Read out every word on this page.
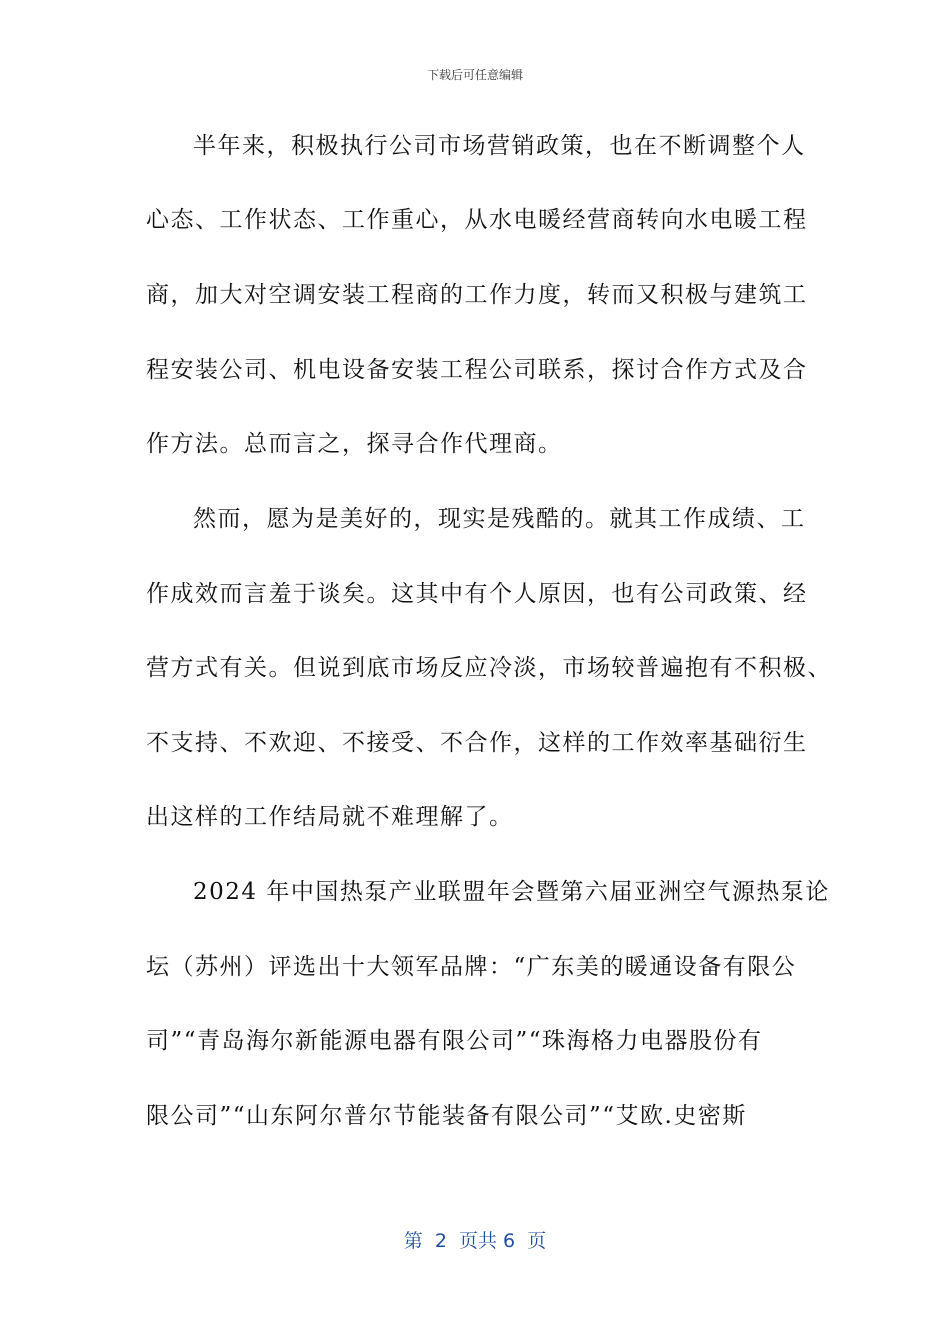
下载后可任意编辑
半年来，积极执行公司市场营销政策，也在不断调整个人
心态、工作状态、工作重心，从水电暖经营商转向水电暖工程
商，加大对空调安装工程商的工作力度，转而又积极与建筑工
程安装公司、机电设备安装工程公司联系，探讨合作方式及合
作方法。总而言之，探寻合作代理商。
然而，愿为是美好的，现实是残酷的。就其工作成绩、工
作成效而言羞于谈矣。这其中有个人原因，也有公司政策、经
营方式有关。但说到底市场反应冷淡，市场较普遍抱有不积极、
不支持、不欢迎、不接受、不合作，这样的工作效率基础衍生
出这样的工作结局就不难理解了。
2024 年中国热泵产业联盟年会暨第六届亚洲空气源热泵论
坛（苏州）评选出十大领军品牌：“广东美的暖通设备有限公
司”“青岛海尔新能源电器有限公司”“珠海格力电器股份有
限公司”“山东阿尔普尔节能装备有限公司”“艾欧.史密斯
第  2  页共 6  页
